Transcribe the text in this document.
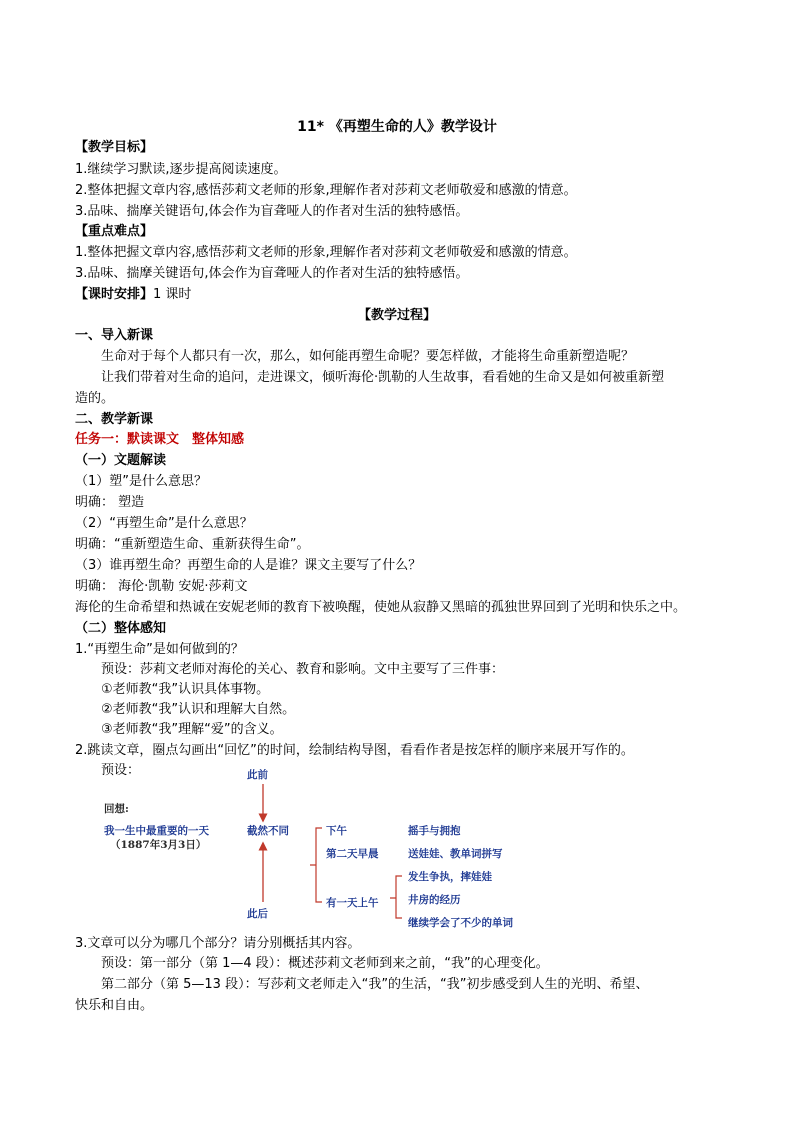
11* 《再塑生命的人》教学设计
【教学目标】
1.继续学习默读,逐步提高阅读速度。
2.整体把握文章内容,感悟莎莉文老师的形象,理解作者对莎莉文老师敬爱和感激的情意。
3.品味、揣摩关键语句,体会作为盲聋哑人的作者对生活的独特感悟。
【重点难点】
1.整体把握文章内容,感悟莎莉文老师的形象,理解作者对莎莉文老师敬爱和感激的情意。
3.品味、揣摩关键语句,体会作为盲聋哑人的作者对生活的独特感悟。
【课时安排】1 课时
【教学过程】
一、导入新课
生命对于每个人都只有一次，那么，如何能再塑生命呢？要怎样做，才能将生命重新塑造呢？
让我们带着对生命的追问，走进课文，倾听海伦·凯勒的人生故事，看看她的生命又是如何被重新塑
造的。
二、教学新课
任务一：默读课文　整体知感
（一）文题解读
（1）塑”是什么意思？
明确： 塑造
（2）“再塑生命”是什么意思？
明确：“重新塑造生命、重新获得生命”。
（3）谁再塑生命？再塑生命的人是谁？课文主要写了什么？
明确： 海伦·凯勒 安妮·莎莉文
海伦的生命希望和热诚在安妮老师的教育下被唤醒，使她从寂静又黑暗的孤独世界回到了光明和快乐之中。
（二）整体感知
1.“再塑生命”是如何做到的？
预设：莎莉文老师对海伦的关心、教育和影响。文中主要写了三件事：
①老师教“我”认识具体事物。
②老师教“我”认识和理解大自然。
③老师教“我”理解“爱”的含义。
2.跳读文章，圈点勾画出“回忆”的时间，绘制结构导图，看看作者是按怎样的顺序来展开写作的。
预设：	此前
回想:
我一生中最重要的一天
（1887年3月3日）
截然不同
此后
下午
第二天早晨
有一天上午
摇手与拥抱
送娃娃、教单词拼写
发生争执，摔娃娃
井房的经历
继续学会了不少的单词
3.文章可以分为哪几个部分？请分别概括其内容。
预设：第一部分（第 1—4 段）：概述莎莉文老师到来之前，“我”的心理变化。
第二部分（第 5—13 段）：写莎莉文老师走入“我”的生活，“我”初步感受到人生的光明、希望、
快乐和自由。
